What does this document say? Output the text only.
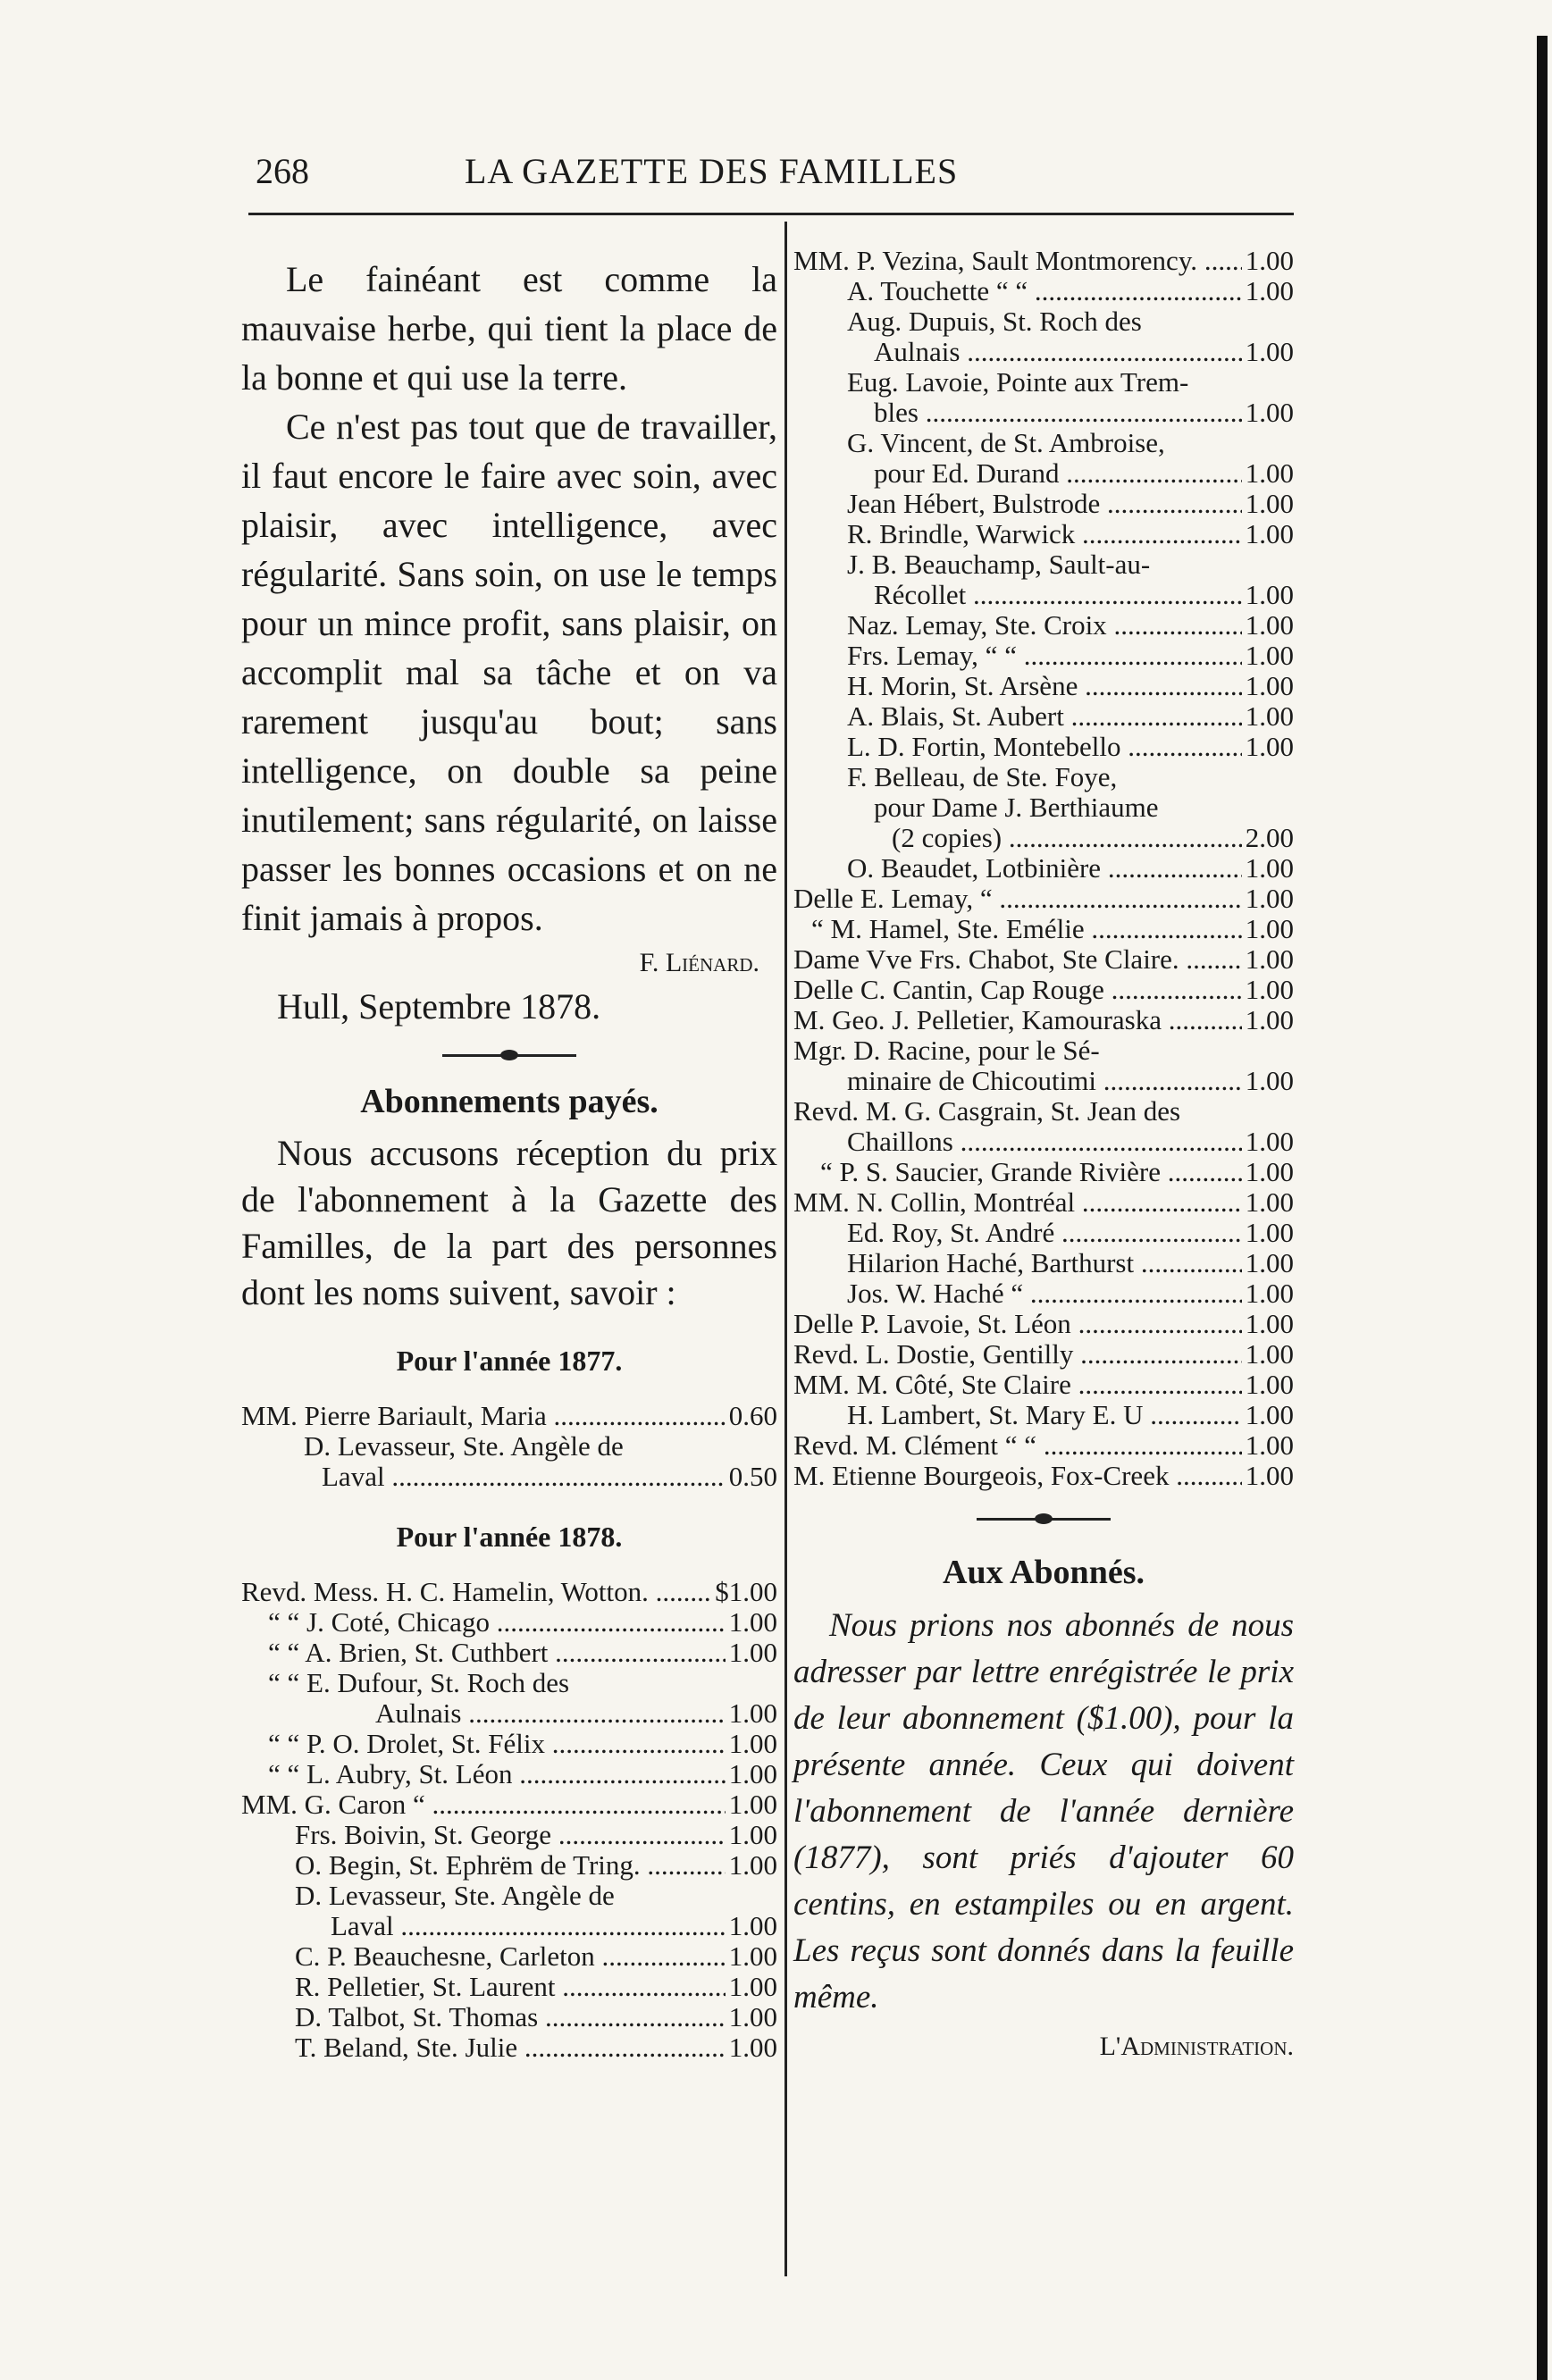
268	LA GAZETTE DES FAMILLES

Le fainéant est comme la mauvaise herbe, qui tient la place de la bonne et qui use la terre.

Ce n'est pas tout que de travailler, il faut encore le faire avec soin, avec plaisir, avec intelligence, avec régularité. Sans soin, on use le temps pour un mince profit, sans plaisir, on accomplit mal sa tâche et on va rarement jusqu'au bout; sans intelligence, on double sa peine inutilement; sans régularité, on laisse passer les bonnes occasions et on ne finit jamais à propos.

F. Liénard.
Hull, Septembre 1878.
Abonnements payés.

Nous accusons réception du prix de l'abonnement à la Gazette des Familles, de la part des personnes dont les noms suivent, savoir :

Pour l'année 1877.
MM. Pierre Bariault, Maria .....	0.60
D. Levasseur, Ste. Angèle de
Laval .....	0.50
Pour l'année 1878.
Revd. Mess. H. C. Hamelin, Wotton. .....	$1.00
“ “ J. Coté, Chicago .....	1.00
“ “ A. Brien, St. Cuthbert .....	1.00
“ “ E. Dufour, St. Roch des
Aulnais .....	1.00
“ “ P. O. Drolet, St. Félix .....	1.00
“ “ L. Aubry, St. Léon .....	1.00
MM. G. Caron “ .....	1.00
Frs. Boivin, St. George .....	1.00
O. Begin, St. Ephrëm de Tring. .....	1.00
D. Levasseur, Ste. Angèle de
Laval .....	1.00
C. P. Beauchesne, Carleton .....	1.00
R. Pelletier, St. Laurent .....	1.00
D. Talbot, St. Thomas .....	1.00
T. Beland, Ste. Julie .....	1.00
MM. P. Vezina, Sault Montmorency. .....	1.00
A. Touchette “ “ .....	1.00
Aug. Dupuis, St. Roch des
Aulnais .....	1.00
Eug. Lavoie, Pointe aux Trem-
bles .....	1.00
G. Vincent, de St. Ambroise,
pour Ed. Durand .....	1.00
Jean Hébert, Bulstrode .....	1.00
R. Brindle, Warwick .....	1.00
J. B. Beauchamp, Sault-au-
Récollet .....	1.00
Naz. Lemay, Ste. Croix .....	1.00
Frs. Lemay, “ “ .....	1.00
H. Morin, St. Arsène .....	1.00
A. Blais, St. Aubert .....	1.00
L. D. Fortin, Montebello .....	1.00
F. Belleau, de Ste. Foye,
pour Dame J. Berthiaume
(2 copies) .....	2.00
O. Beaudet, Lotbinière .....	1.00
Delle E. Lemay, “ .....	1.00
“ M. Hamel, Ste. Emélie .....	1.00
Dame Vve Frs. Chabot, Ste Claire. .....	1.00
Delle C. Cantin, Cap Rouge .....	1.00
M. Geo. J. Pelletier, Kamouraska .....	1.00
Mgr. D. Racine, pour le Sé-
minaire de Chicoutimi .....	1.00
Revd. M. G. Casgrain, St. Jean des
Chaillons .....	1.00
“ P. S. Saucier, Grande Rivière .....	1.00
MM. N. Collin, Montréal .....	1.00
Ed. Roy, St. André .....	1.00
Hilarion Haché, Barthurst .....	1.00
Jos. W. Haché “ .....	1.00
Delle P. Lavoie, St. Léon .....	1.00
Revd. L. Dostie, Gentilly .....	1.00
MM. M. Côté, Ste Claire .....	1.00
H. Lambert, St. Mary E. U .....	1.00
Revd. M. Clément “ “ .....	1.00
M. Etienne Bourgeois, Fox-Creek .....	1.00
Aux Abonnés.

Nous prions nos abonnés de nous adresser par lettre enrégistrée le prix de leur abonnement ($1.00), pour la présente année. Ceux qui doivent l'abonnement de l'année dernière (1877), sont priés d'ajouter 60 centins, en estampiles ou en argent. Les reçus sont donnés dans la feuille même.

L'Administration.
